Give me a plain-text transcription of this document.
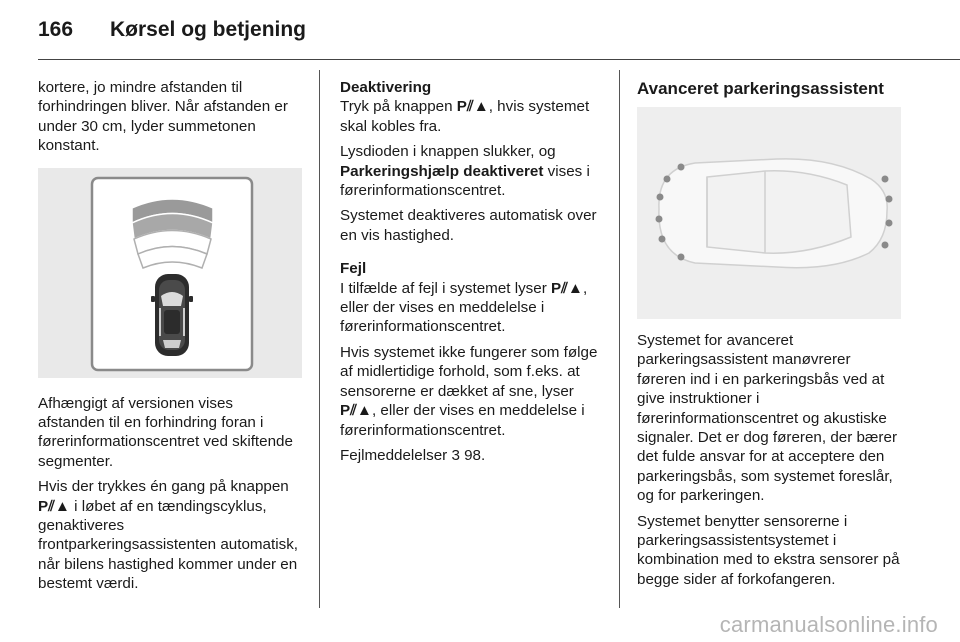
166	Kørsel og betjening

kortere, jo mindre afstanden til forhindringen bliver. Når afstanden er under 30 cm, lyder summetonen konstant.

Afhængigt af versionen vises afstanden til en forhindring foran i førerinformationscentret ved skiftende segmenter.

Hvis der trykkes én gang på knappen P⫽▲ i løbet af en tændingscyklus, genaktiveres frontparkeringsassistenten automatisk, når bilens hastighed kommer under en bestemt værdi.

Deaktivering

Tryk på knappen P⫽▲, hvis systemet skal kobles fra.

Lysdioden i knappen slukker, og Parkeringshjælp deaktiveret vises i førerinformationscentret.

Systemet deaktiveres automatisk over en vis hastighed.

Fejl

I tilfælde af fejl i systemet lyser P⫽▲, eller der vises en meddelelse i førerinformationscentret.

Hvis systemet ikke fungerer som følge af midlertidige forhold, som f.eks. at sensorerne er dækket af sne, lyser P⫽▲, eller der vises en meddelelse i førerinformationscentret.

Fejlmeddelelser 3 98.

Avanceret parkeringsassistent

Systemet for avanceret parkeringsassistent manøvrerer føreren ind i en parkeringsbås ved at give instruktioner i førerinformationscentret og akustiske signaler. Det er dog føreren, der bærer det fulde ansvar for at acceptere den parkeringsbås, som systemet foreslår, og for parkeringen.

Systemet benytter sensorerne i parkeringsassistentsystemet i kombination med to ekstra sensorer på begge sider af forkofangeren.

carmanualsonline.info
